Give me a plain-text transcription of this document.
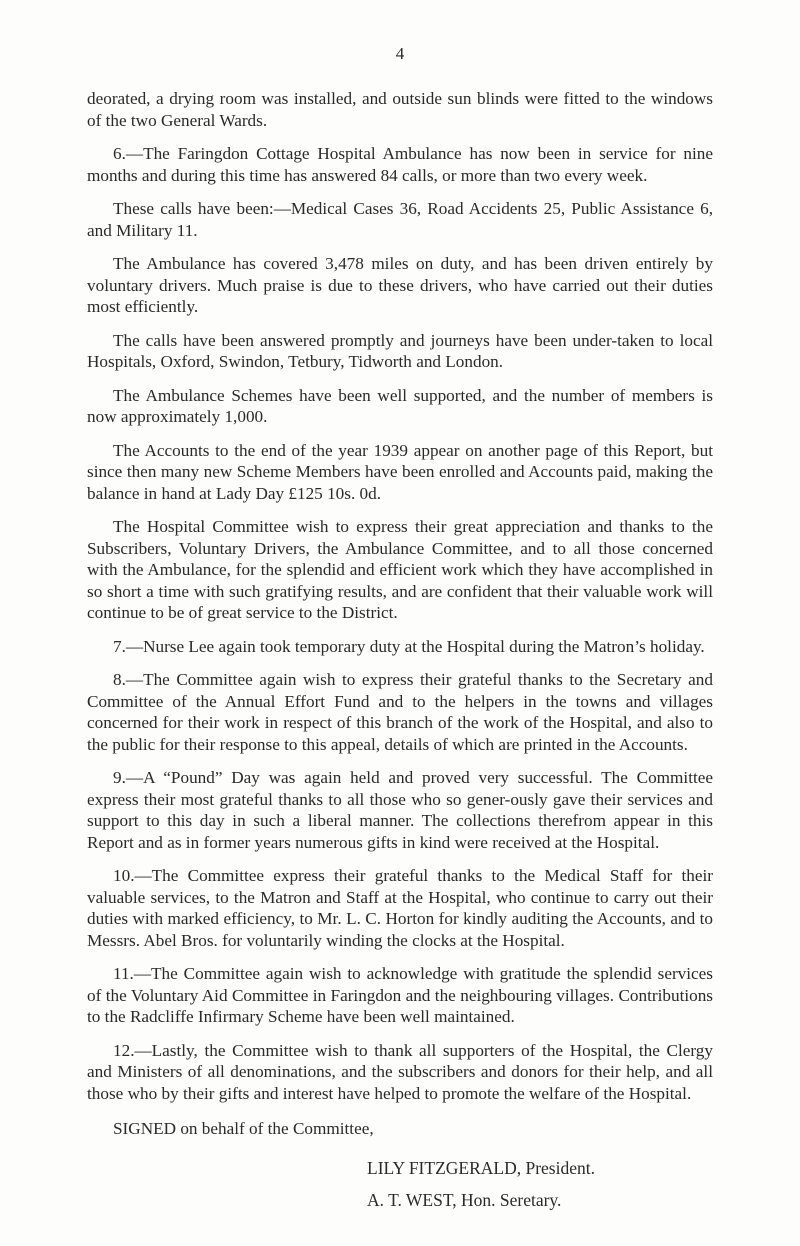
4

deorated, a drying room was installed, and outside sun blinds were fitted to the windows of the two General Wards.

6.—The Faringdon Cottage Hospital Ambulance has now been in service for nine months and during this time has answered 84 calls, or more than two every week.

These calls have been:—Medical Cases 36, Road Accidents 25, Public Assistance 6, and Military 11.

The Ambulance has covered 3,478 miles on duty, and has been driven entirely by voluntary drivers. Much praise is due to these drivers, who have carried out their duties most efficiently.

The calls have been answered promptly and journeys have been under-taken to local Hospitals, Oxford, Swindon, Tetbury, Tidworth and London.

The Ambulance Schemes have been well supported, and the number of members is now approximately 1,000.

The Accounts to the end of the year 1939 appear on another page of this Report, but since then many new Scheme Members have been enrolled and Accounts paid, making the balance in hand at Lady Day £125 10s. 0d.

The Hospital Committee wish to express their great appreciation and thanks to the Subscribers, Voluntary Drivers, the Ambulance Committee, and to all those concerned with the Ambulance, for the splendid and efficient work which they have accomplished in so short a time with such gratifying results, and are confident that their valuable work will continue to be of great service to the District.

7.—Nurse Lee again took temporary duty at the Hospital during the Matron’s holiday.

8.—The Committee again wish to express their grateful thanks to the Secretary and Committee of the Annual Effort Fund and to the helpers in the towns and villages concerned for their work in respect of this branch of the work of the Hospital, and also to the public for their response to this appeal, details of which are printed in the Accounts.

9.—A “Pound” Day was again held and proved very successful. The Committee express their most grateful thanks to all those who so gener-ously gave their services and support to this day in such a liberal manner. The collections therefrom appear in this Report and as in former years numerous gifts in kind were received at the Hospital.

10.—The Committee express their grateful thanks to the Medical Staff for their valuable services, to the Matron and Staff at the Hospital, who continue to carry out their duties with marked efficiency, to Mr. L. C. Horton for kindly auditing the Accounts, and to Messrs. Abel Bros. for voluntarily winding the clocks at the Hospital.

11.—The Committee again wish to acknowledge with gratitude the splendid services of the Voluntary Aid Committee in Faringdon and the neighbouring villages. Contributions to the Radcliffe Infirmary Scheme have been well maintained.

12.—Lastly, the Committee wish to thank all supporters of the Hospital, the Clergy and Ministers of all denominations, and the subscribers and donors for their help, and all those who by their gifts and interest have helped to promote the welfare of the Hospital.

SIGNED on behalf of the Committee,

LILY FITZGERALD, President.
A. T. WEST, Hon. Seretary.
